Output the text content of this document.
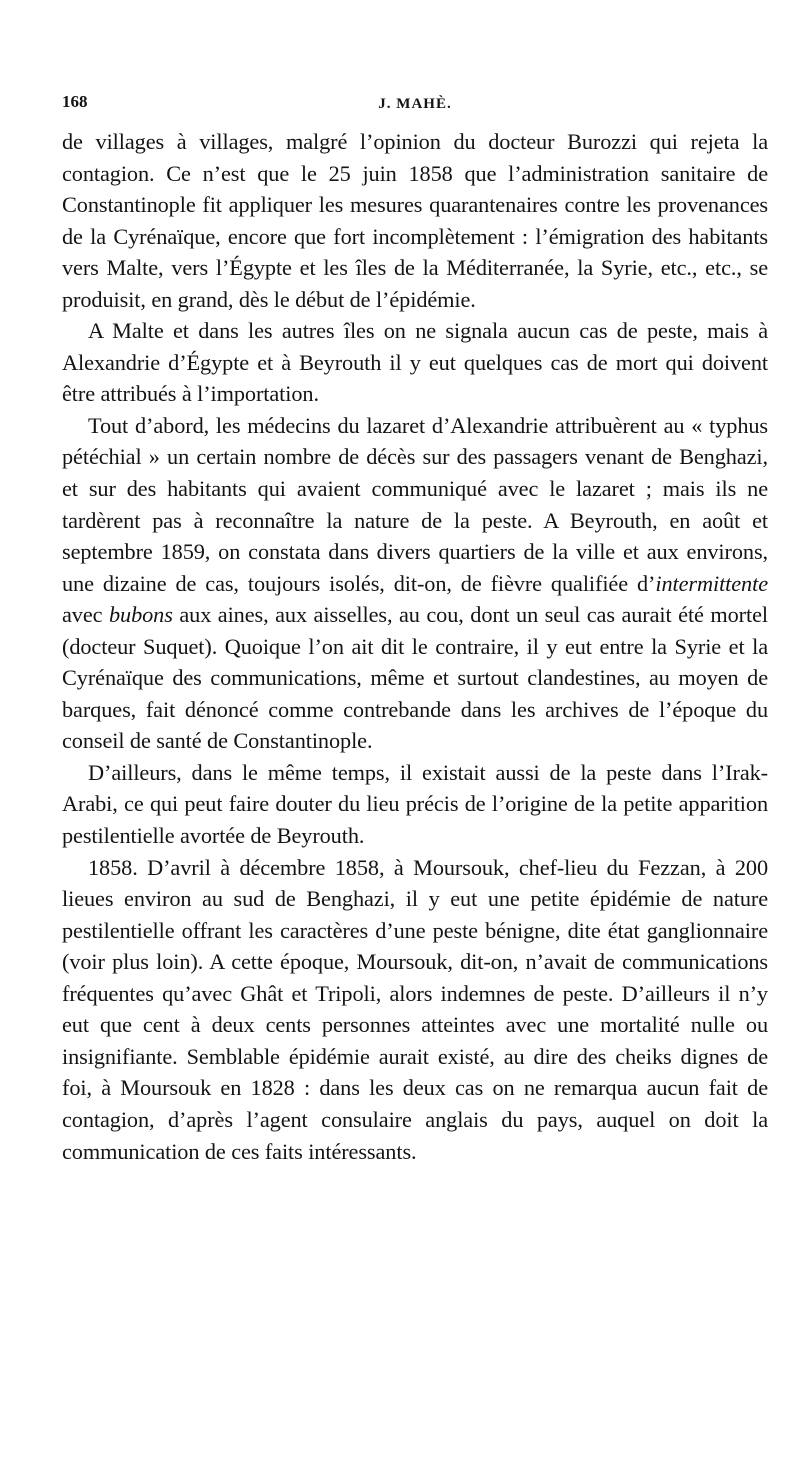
168	J. MAHÈ.

de villages à villages, malgré l’opinion du docteur Burozzi qui rejeta la contagion. Ce n’est que le 25 juin 1858 que l’administration sanitaire de Constantinople fit appliquer les mesures quarantenaires contre les provenances de la Cyrénaïque, encore que fort incomplètement : l’émigration des habitants vers Malte, vers l’Égypte et les îles de la Méditerranée, la Syrie, etc., etc., se produisit, en grand, dès le début de l’épidémie.

A Malte et dans les autres îles on ne signala aucun cas de peste, mais à Alexandrie d’Égypte et à Beyrouth il y eut quelques cas de mort qui doivent être attribués à l’importation.

Tout d’abord, les médecins du lazaret d’Alexandrie attribuèrent au « typhus pétéchial » un certain nombre de décès sur des passagers venant de Benghazi, et sur des habitants qui avaient communiqué avec le lazaret ; mais ils ne tardèrent pas à reconnaître la nature de la peste. A Beyrouth, en août et septembre 1859, on constata dans divers quartiers de la ville et aux environs, une dizaine de cas, toujours isolés, dit-on, de fièvre qualifiée d’intermittente avec bubons aux aines, aux aisselles, au cou, dont un seul cas aurait été mortel (docteur Suquet). Quoique l’on ait dit le contraire, il y eut entre la Syrie et la Cyrénaïque des communications, même et surtout clandestines, au moyen de barques, fait dénoncé comme contrebande dans les archives de l’époque du conseil de santé de Constantinople.

D’ailleurs, dans le même temps, il existait aussi de la peste dans l’Irak-Arabi, ce qui peut faire douter du lieu précis de l’origine de la petite apparition pestilentielle avortée de Beyrouth.

1858. D’avril à décembre 1858, à Moursouk, chef-lieu du Fezzan, à 200 lieues environ au sud de Benghazi, il y eut une petite épidémie de nature pestilentielle offrant les caractères d’une peste bénigne, dite état ganglionnaire (voir plus loin). A cette époque, Moursouk, dit-on, n’avait de communications fréquentes qu’avec Ghât et Tripoli, alors indemnes de peste. D’ailleurs il n’y eut que cent à deux cents personnes atteintes avec une mortalité nulle ou insignifiante. Semblable épidémie aurait existé, au dire des cheiks dignes de foi, à Moursouk en 1828 : dans les deux cas on ne remarqua aucun fait de contagion, d’après l’agent consulaire anglais du pays, auquel on doit la communication de ces faits intéressants.
